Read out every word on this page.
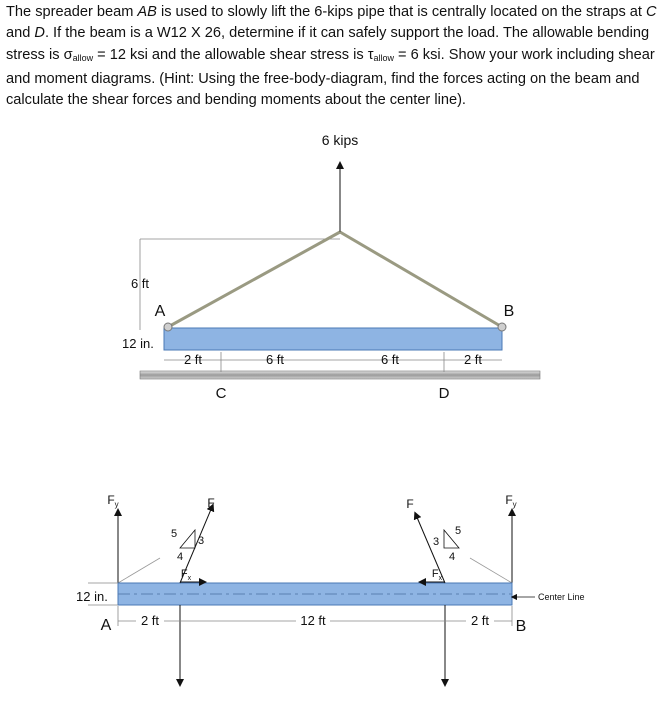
The spreader beam AB is used to slowly lift the 6-kips pipe that is centrally located on the straps at C and D. If the beam is a W12 X 26, determine if it can safely support the load. The allowable bending stress is $\sigma_{allow} = 12$ ksi and the allowable shear stress is $\tau_{allow} = 6$ ksi. Show your work including shear and moment diagrams. (Hint: Using the free-body-diagram, find the forces acting on the beam and calculate the shear forces and bending moments about the center line).

6 kips
6 ft
A	B
12 in.
2 ft	6 ft	6 ft	2 ft
C	D
$F_y$	$F_y$
Center Line
F
5
3
4
$F_x$
F
3
5
4
$F_x$
12 in.
A 2 ft	12 ft	2 ft B
